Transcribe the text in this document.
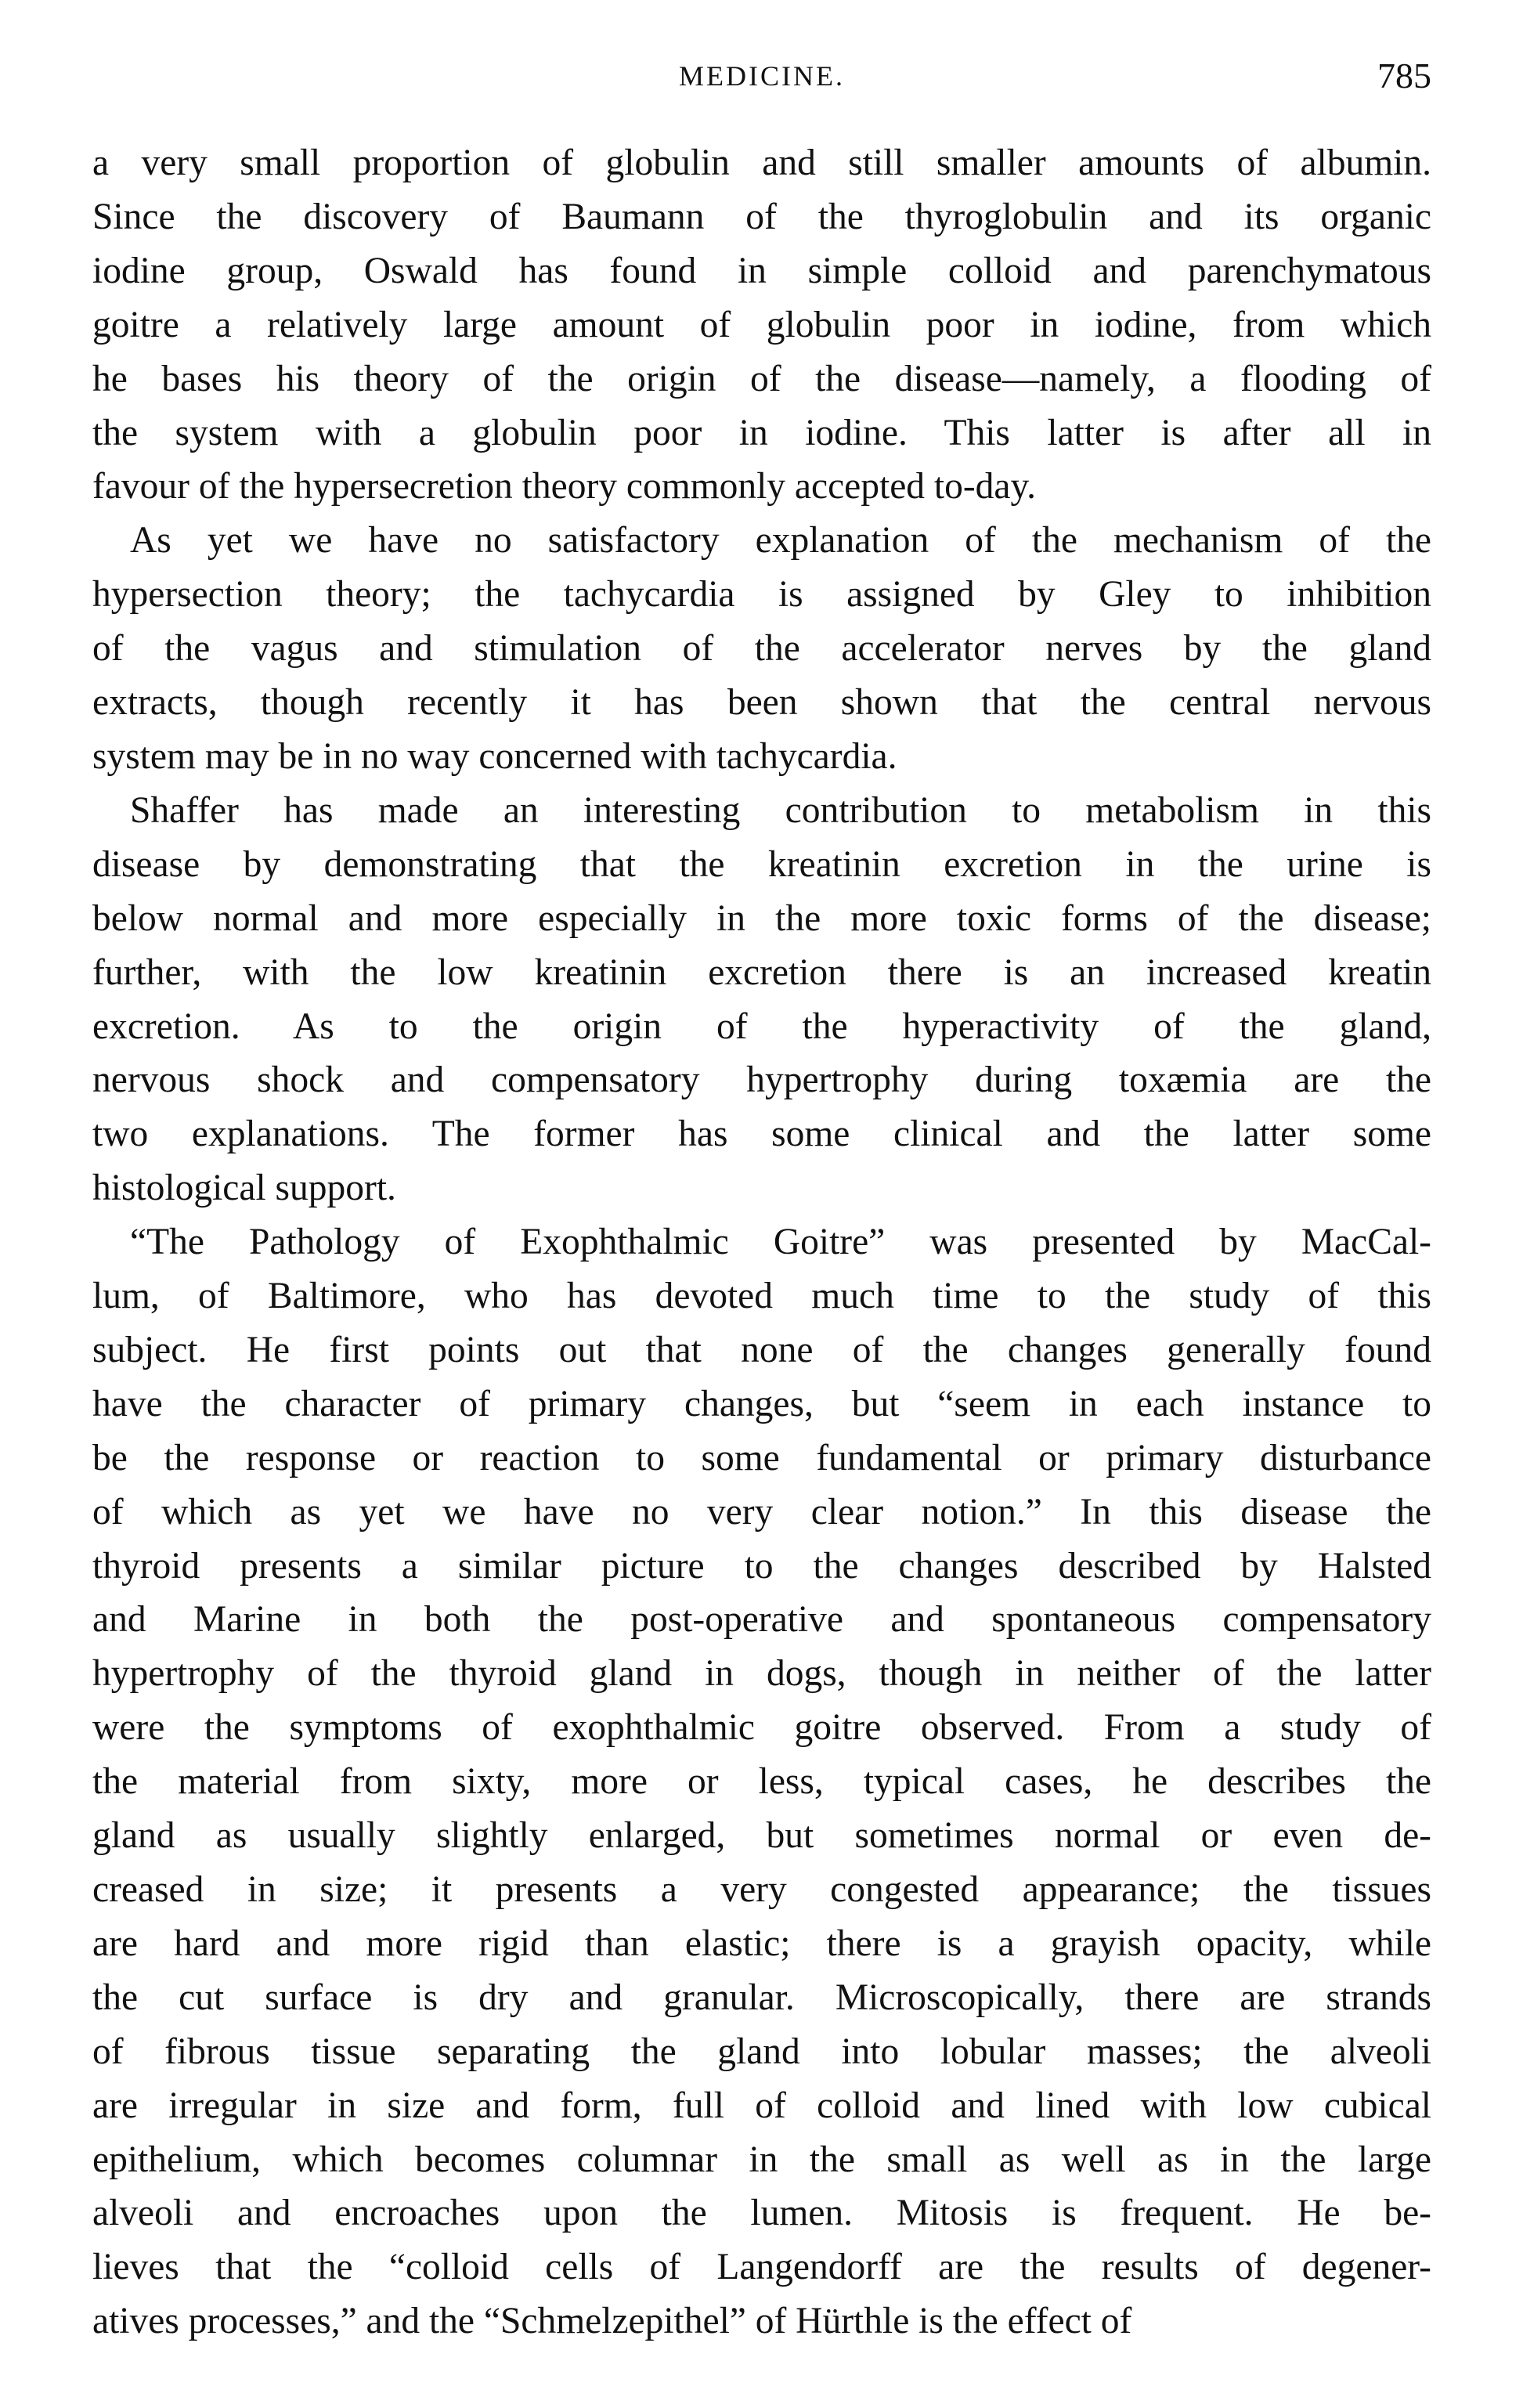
MEDICINE.	785

a very small proportion of globulin and still smaller amounts of albumin.
Since the discovery of Baumann of the thyroglobulin and its organic
iodine group, Oswald has found in simple colloid and parenchymatous
goitre a relatively large amount of globulin poor in iodine, from which
he bases his theory of the origin of the disease—namely, a flooding of
the system with a globulin poor in iodine. This latter is after all in
favour of the hypersecretion theory commonly accepted to-day.

As yet we have no satisfactory explanation of the mechanism of the
hypersection theory; the tachycardia is assigned by Gley to inhibition
of the vagus and stimulation of the accelerator nerves by the gland
extracts, though recently it has been shown that the central nervous
system may be in no way concerned with tachycardia.

Shaffer has made an interesting contribution to metabolism in this
disease by demonstrating that the kreatinin excretion in the urine is
below normal and more especially in the more toxic forms of the disease;
further, with the low kreatinin excretion there is an increased kreatin
excretion. As to the origin of the hyperactivity of the gland,
nervous shock and compensatory hypertrophy during toxæmia are the
two explanations. The former has some clinical and the latter some
histological support.

“The Pathology of Exophthalmic Goitre” was presented by MacCal-
lum, of Baltimore, who has devoted much time to the study of this
subject. He first points out that none of the changes generally found
have the character of primary changes, but “seem in each instance to
be the response or reaction to some fundamental or primary disturbance
of which as yet we have no very clear notion.” In this disease the
thyroid presents a similar picture to the changes described by Halsted
and Marine in both the post-operative and spontaneous compensatory
hypertrophy of the thyroid gland in dogs, though in neither of the latter
were the symptoms of exophthalmic goitre observed. From a study of
the material from sixty, more or less, typical cases, he describes the
gland as usually slightly enlarged, but sometimes normal or even de-
creased in size; it presents a very congested appearance; the tissues
are hard and more rigid than elastic; there is a grayish opacity, while
the cut surface is dry and granular. Microscopically, there are strands
of fibrous tissue separating the gland into lobular masses; the alveoli
are irregular in size and form, full of colloid and lined with low cubical
epithelium, which becomes columnar in the small as well as in the large
alveoli and encroaches upon the lumen. Mitosis is frequent. He be-
lieves that the “colloid cells of Langendorff are the results of degener-
atives processes,” and the “Schmelzepithel” of Hürthle is the effect of
